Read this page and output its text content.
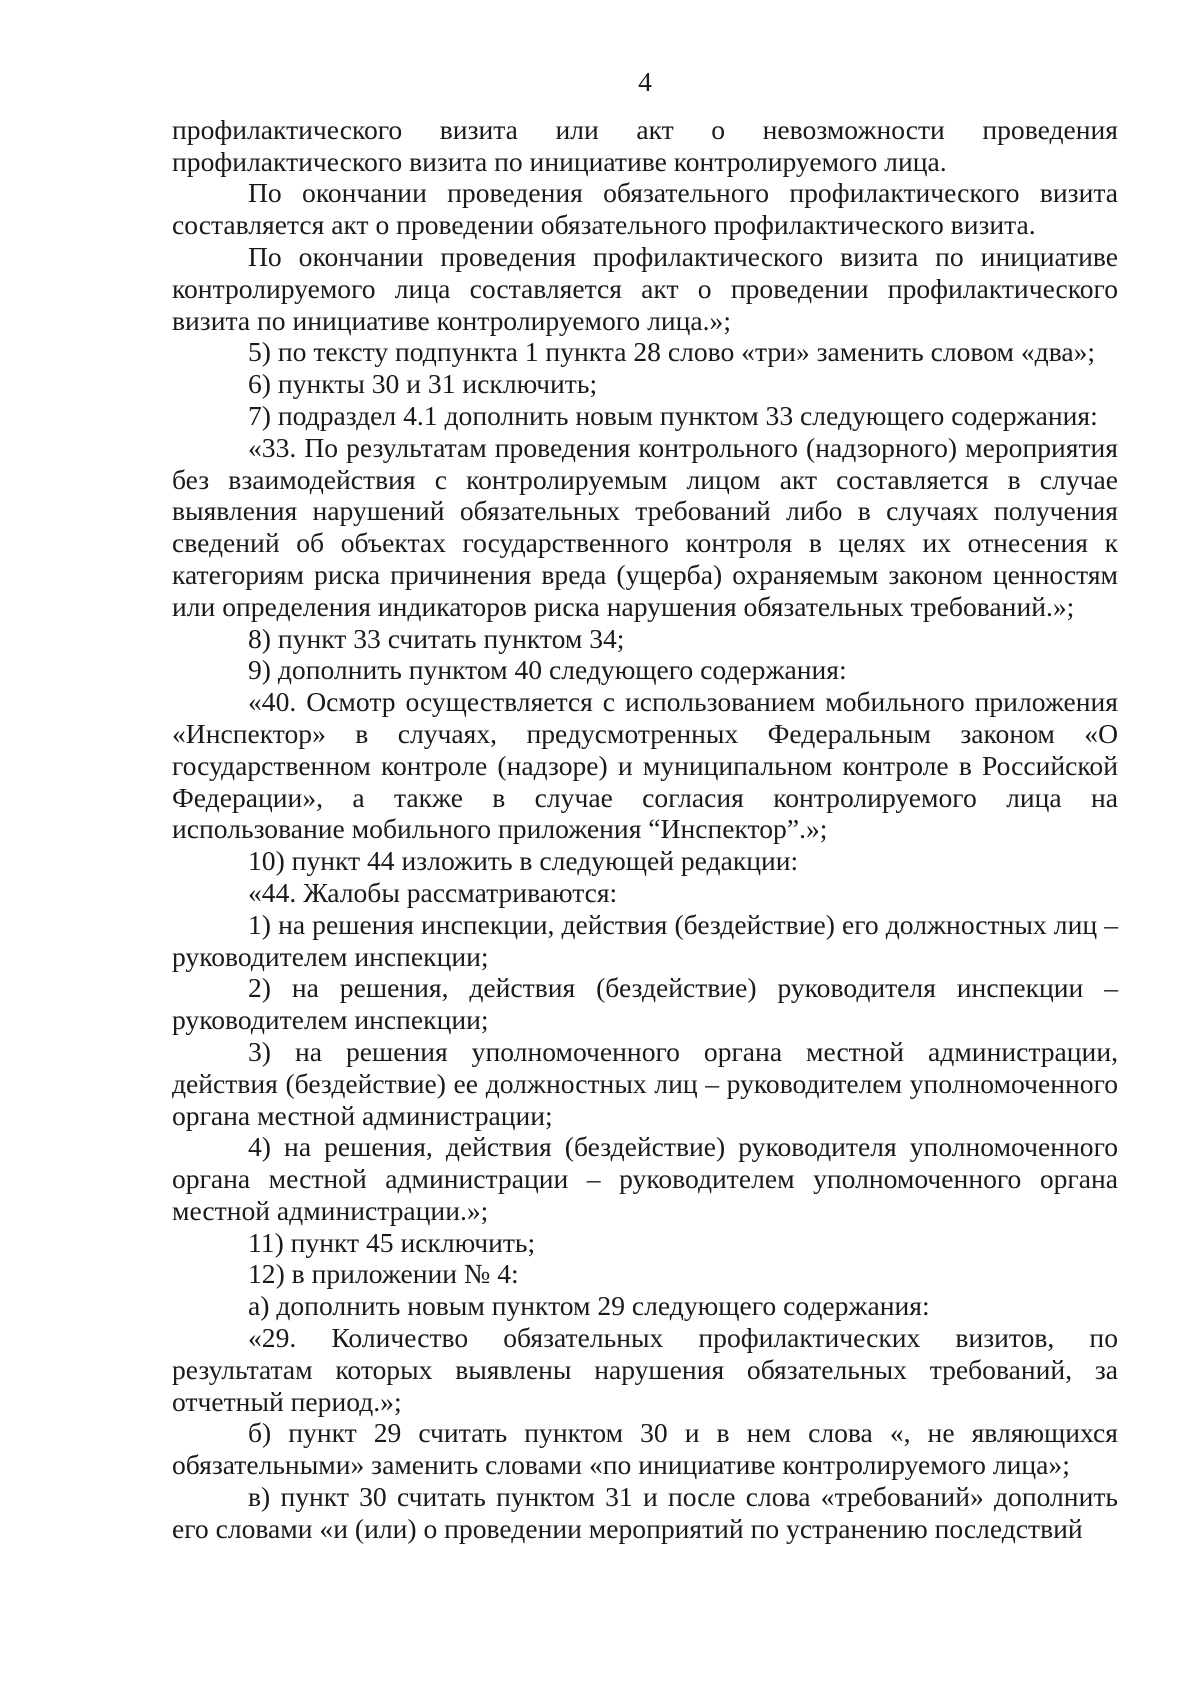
4

профилактического визита или акт о невозможности проведения профилактического визита по инициативе контролируемого лица.

По окончании проведения обязательного профилактического визита составляется акт о проведении обязательного профилактического визита.

По окончании проведения профилактического визита по инициативе контролируемого лица составляется акт о проведении профилактического визита по инициативе контролируемого лица.»;

5) по тексту подпункта 1 пункта 28 слово «три» заменить словом «два»;

6) пункты 30 и 31 исключить;

7) подраздел 4.1 дополнить новым пунктом 33 следующего содержания:

«33. По результатам проведения контрольного (надзорного) мероприятия без взаимодействия с контролируемым лицом акт составляется в случае выявления нарушений обязательных требований либо в случаях получения сведений об объектах государственного контроля в целях их отнесения к категориям риска причинения вреда (ущерба) охраняемым законом ценностям или определения индикаторов риска нарушения обязательных требований.»;

8) пункт 33 считать пунктом 34;

9) дополнить пунктом 40 следующего содержания:

«40. Осмотр осуществляется с использованием мобильного приложения «Инспектор» в случаях, предусмотренных Федеральным законом «О государственном контроле (надзоре) и муниципальном контроле в Российской Федерации», а также в случае согласия контролируемого лица на использование мобильного приложения “Инспектор”.»;

10) пункт 44 изложить в следующей редакции:

«44. Жалобы рассматриваются:

1) на решения инспекции, действия (бездействие) его должностных лиц – руководителем инспекции;

2) на решения, действия (бездействие) руководителя инспекции – руководителем инспекции;

3) на решения уполномоченного органа местной администрации, действия (бездействие) ее должностных лиц – руководителем уполномоченного органа местной администрации;

4) на решения, действия (бездействие) руководителя уполномоченного органа местной администрации – руководителем уполномоченного органа местной администрации.»;

11) пункт 45 исключить;

12) в приложении № 4:

а) дополнить новым пунктом 29 следующего содержания:

«29. Количество обязательных профилактических визитов, по результатам которых выявлены нарушения обязательных требований, за отчетный период.»;

б) пункт 29 считать пунктом 30 и в нем слова «, не являющихся обязательными» заменить словами «по инициативе контролируемого лица»;

в) пункт 30 считать пунктом 31 и после слова «требований» дополнить его словами «и (или) о проведении мероприятий по устранению последствий
